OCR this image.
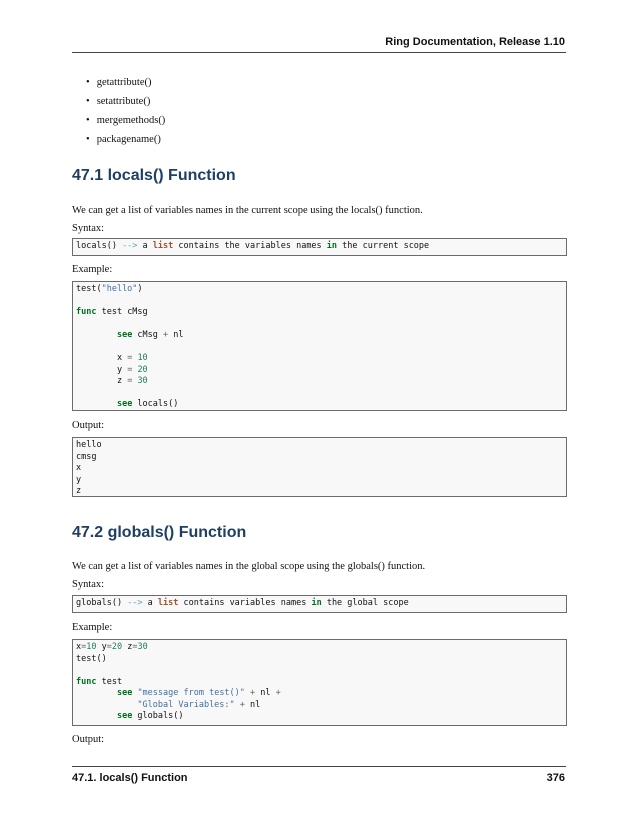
Ring Documentation, Release 1.10
• getattribute()
• setattribute()
• mergemethods()
• packagename()
47.1 locals() Function

We can get a list of variables names in the current scope using the locals() function.

Syntax:

locals() --> a list contains the variables names in the current scope

Example:

test("hello")

func test cMsg

see cMsg + nl

x = 10
y = 20
z = 30

see locals()

Output:

hello
cmsg
x
y
z
47.2 globals() Function

We can get a list of variables names in the global scope using the globals() function.

Syntax:

globals() --> a list contains variables names in the global scope

Example:

x=10 y=20 z=30
test()

func test
see "message from test()" + nl +
"Global Variables:" + nl
see globals()

Output:

47.1. locals() Function	376
